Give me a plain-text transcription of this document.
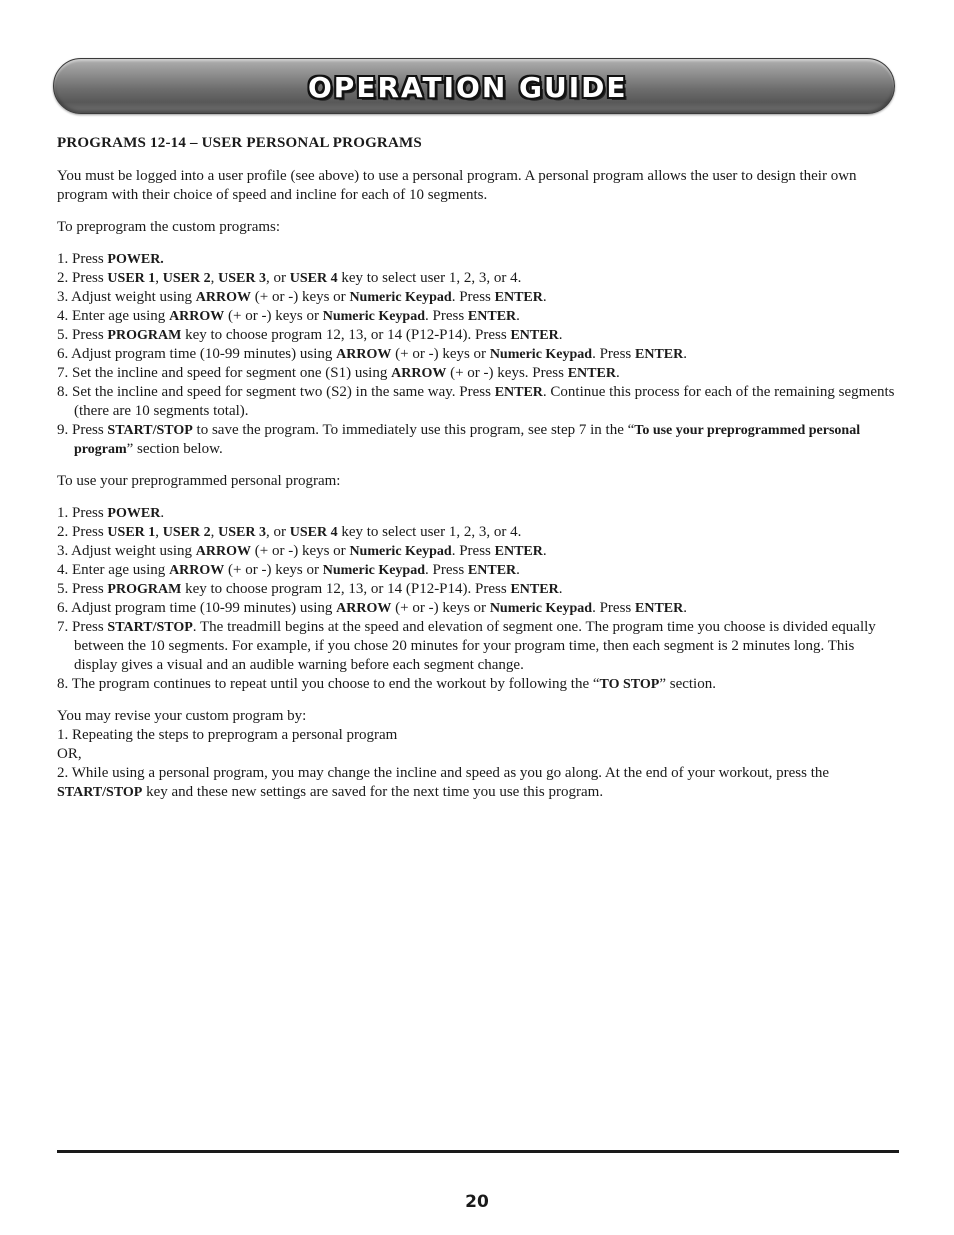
OPERATION GUIDE

PROGRAMS 12-14 – USER PERSONAL PROGRAMS

You must be logged into a user profile (see above) to use a personal program. A personal program allows the user to design their own program with their choice of speed and incline for each of 10 segments.

To preprogram the custom programs:

1. Press POWER.
2. Press USER 1, USER 2, USER 3, or USER 4 key to select user 1, 2, 3, or 4.
3. Adjust weight using ARROW (+ or -) keys or Numeric Keypad. Press ENTER.
4. Enter age using ARROW (+ or -) keys or Numeric Keypad. Press ENTER.
5. Press PROGRAM key to choose program 12, 13, or 14 (P12-P14). Press ENTER.
6. Adjust program time (10-99 minutes) using ARROW (+ or -) keys or Numeric Keypad. Press ENTER.
7. Set the incline and speed for segment one (S1) using ARROW (+ or -) keys. Press ENTER.
8. Set the incline and speed for segment two (S2) in the same way. Press ENTER. Continue this process for each of the remaining segments (there are 10 segments total).
9. Press START/STOP to save the program. To immediately use this program, see step 7 in the “To use your preprogrammed personal program” section below.

To use your preprogrammed personal program:

1. Press POWER.
2. Press USER 1, USER 2, USER 3, or USER 4 key to select user 1, 2, 3, or 4.
3. Adjust weight using ARROW (+ or -) keys or Numeric Keypad. Press ENTER.
4. Enter age using ARROW (+ or -) keys or Numeric Keypad. Press ENTER.
5. Press PROGRAM key to choose program 12, 13, or 14 (P12-P14). Press ENTER.
6. Adjust program time (10-99 minutes) using ARROW (+ or -) keys or Numeric Keypad. Press ENTER.
7. Press START/STOP. The treadmill begins at the speed and elevation of segment one. The program time you choose is divided equally between the 10 segments. For example, if you chose 20 minutes for your program time, then each segment is 2 minutes long. This display gives a visual and an audible warning before each segment change.
8. The program continues to repeat until you choose to end the workout by following the “TO STOP” section.

You may revise your custom program by:

1. Repeating the steps to preprogram a personal program

OR,

2. While using a personal program, you may change the incline and speed as you go along. At the end of your workout, press the START/STOP key and these new settings are saved for the next time you use this program.

20
